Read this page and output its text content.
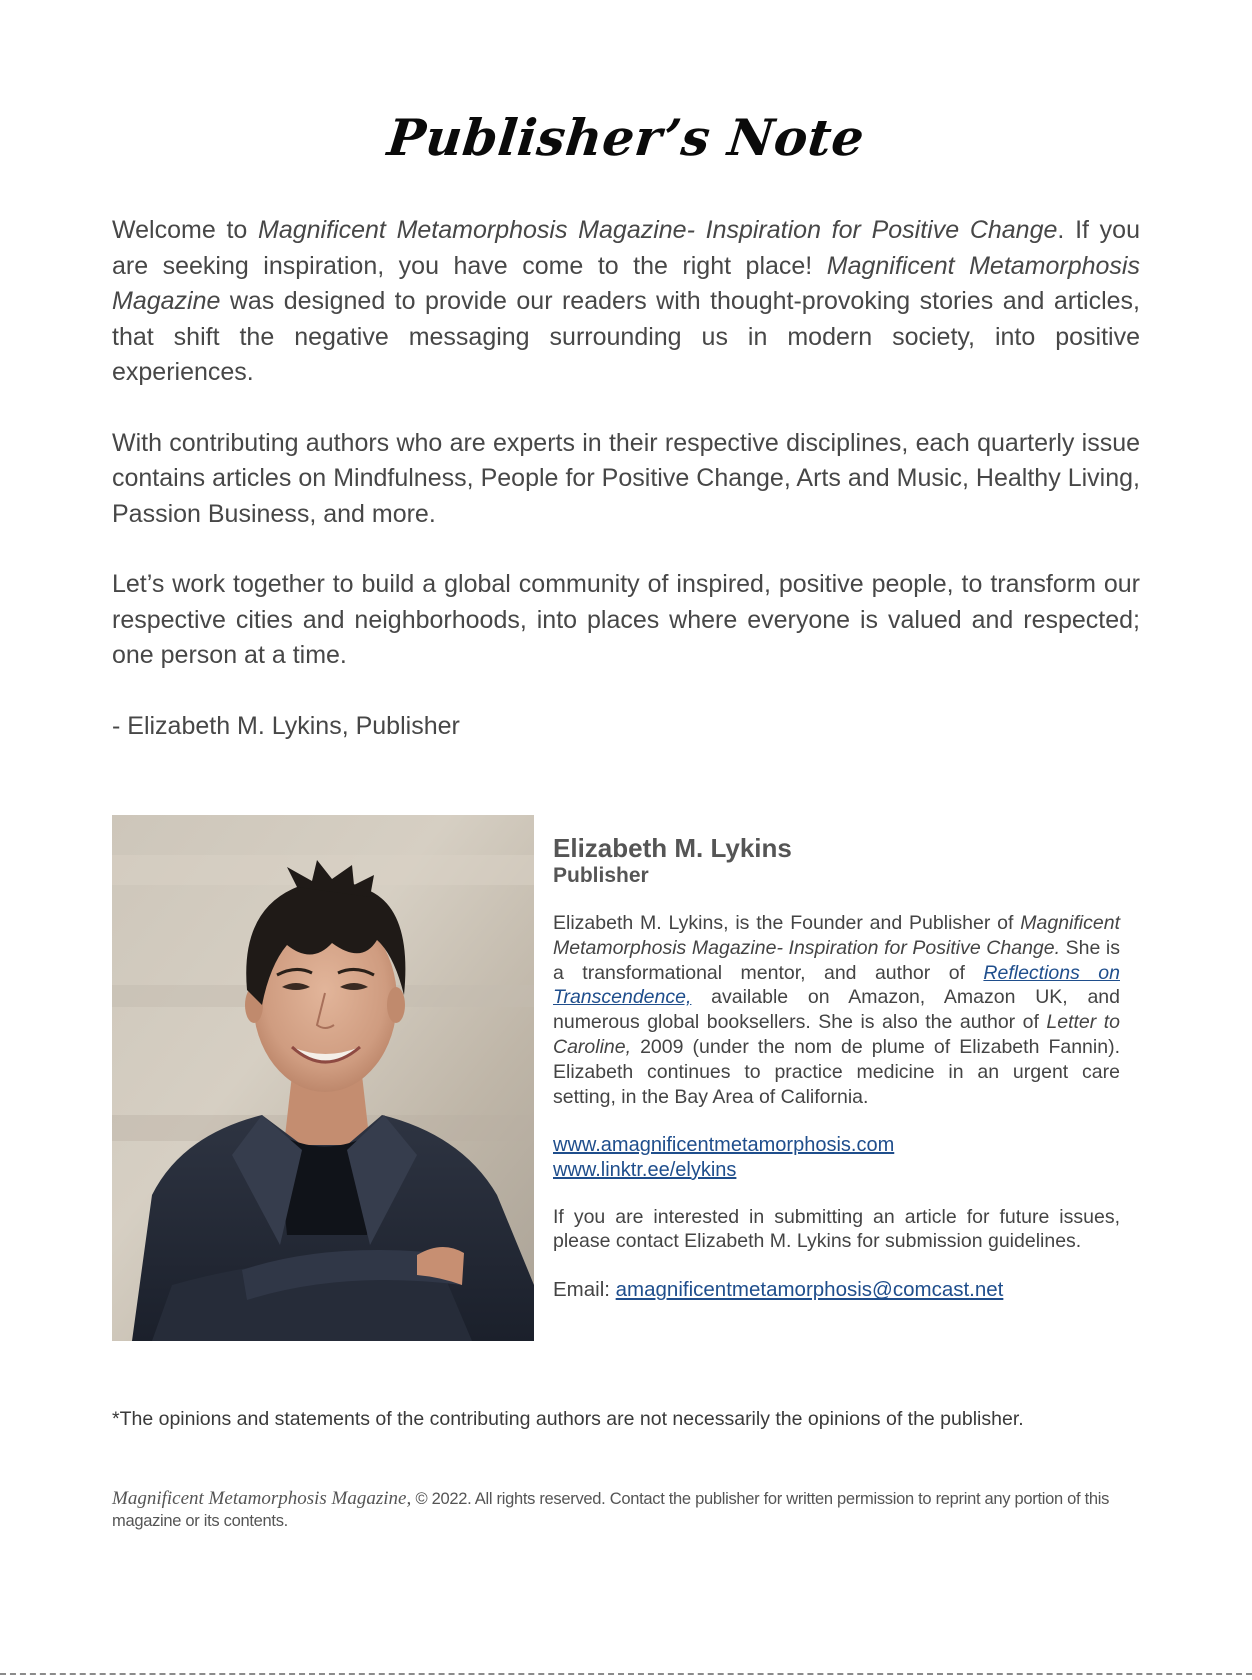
Publisher’s Note

Welcome to Magnificent Metamorphosis Magazine- Inspiration for Positive Change. If you are seeking inspiration, you have come to the right place! Magnificent Metamorphosis Magazine was designed to provide our readers with thought-provoking stories and articles, that shift the negative messaging surrounding us in modern society, into positive experiences.

With contributing authors who are experts in their respective disciplines, each quarterly issue contains articles on Mindfulness, People for Positive Change, Arts and Music, Healthy Living, Passion Business, and more.

Let’s work together to build a global community of inspired, positive people, to transform our respective cities and neighborhoods, into places where everyone is valued and respected; one person at a time.

- Elizabeth M. Lykins, Publisher

Elizabeth M. Lykins

Publisher

Elizabeth M. Lykins, is the Founder and Publisher of Magnificent Metamorphosis Magazine- Inspiration for Positive Change. She is a transformational mentor, and author of Reflections on Transcendence, available on Amazon, Amazon UK, and numerous global booksellers. She is also the author of Letter to Caroline, 2009 (under the nom de plume of Elizabeth Fannin). Elizabeth continues to practice medicine in an urgent care setting, in the Bay Area of California.

www.amagnificentmetamorphosis.com
www.linktr.ee/elykins

If you are interested in submitting an article for future issues, please contact Elizabeth M. Lykins for submission guidelines.

Email: amagnificentmetamorphosis@comcast.net

*The opinions and statements of the contributing authors are not necessarily the opinions of the publisher.
Magnificent Metamorphosis Magazine, © 2022. All rights reserved. Contact the publisher for written permission to reprint any portion of this magazine or its contents.
